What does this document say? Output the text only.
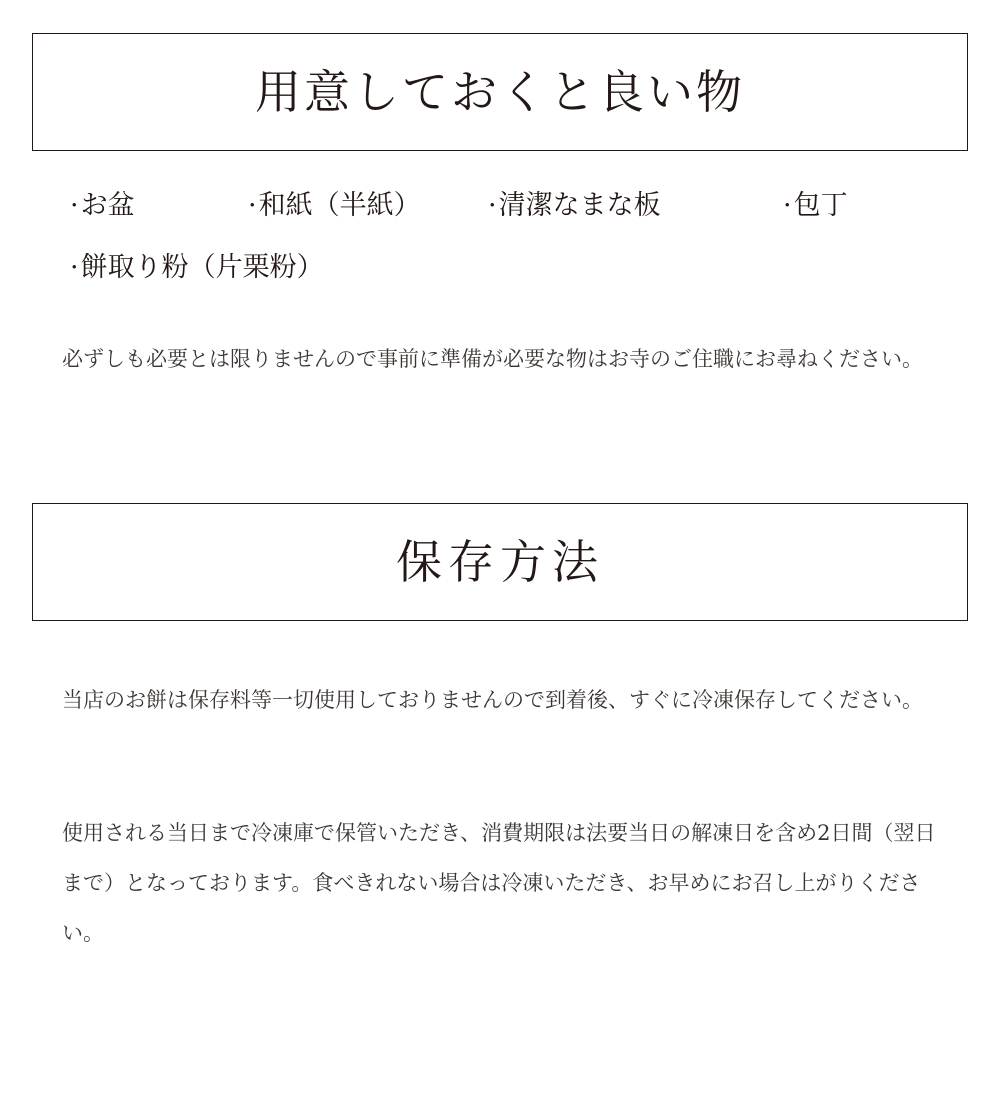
用意しておくと良い物
· お盆	· 和紙（半紙）	· 清潔なまな板	· 包丁
· 餅取り粉（片栗粉）

必ずしも必要とは限りませんので事前に準備が必要な物はお寺のご住職にお尋ねください。

保存方法

当店のお餅は保存料等一切使用しておりませんので到着後、すぐに冷凍保存してください。

使用される当日まで冷凍庫で保管いただき、消費期限は法要当日の解凍日を含め2日間（翌日まで）となっております。食べきれない場合は冷凍いただき、お早めにお召し上がりください。
